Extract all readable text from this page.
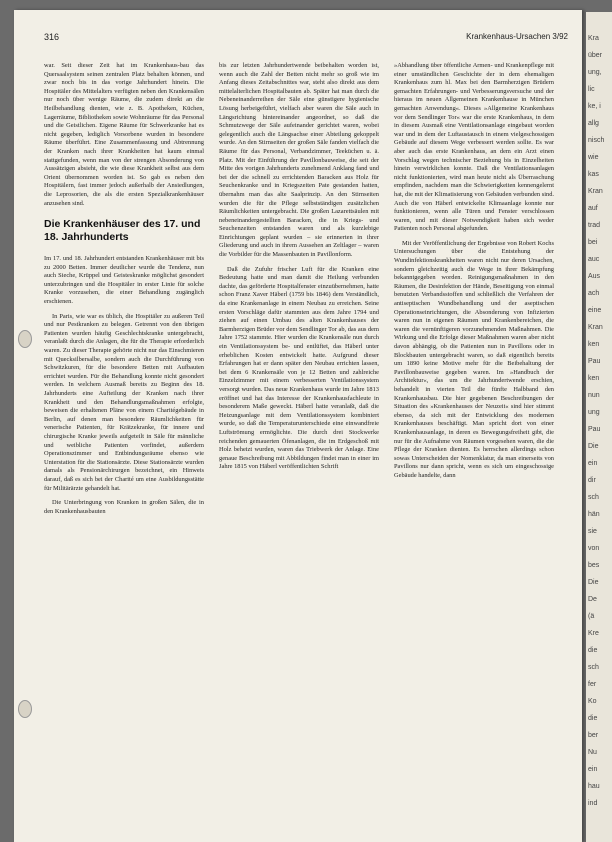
316	Krankenhaus-Ursachen 3/92

war. Seit dieser Zeit hat im Krankenhaus-bau das Quersaalsystem seinen zentralen Platz behalten können, und zwar noch bis in das vorige Jahrhundert hinein. Die Hospitäler des Mittelalters verfügten neben den Krankensälen nur noch über wenige Räume, die zudem direkt an die Heilbehandlung dienten, wie z. B. Apotheken, Küchen, Lagerräume, Bibliotheken sowie Wohnräume für das Personal und die Geistlichen. Eigene Räume für Schwerkranke hat es nicht gegeben, lediglich Vorsorbene wurden in besondere Räume überführt. Eine Zusammenfassung und Abtrennung der Kranken nach ihrer Krankheiten hat kaum einmal stattgefunden, wenn man von der strengen Absonderung von Aussätzigen absieht, die wie diese Krankheit selbst aus dem Orient übernommen worden ist. So gab es neben den Hospitälern, fast immer jedoch außerhalb der Ansiedlungen, die Leprosorien, die als die ersten Spezialkrankenhäuser anzusehen sind.

Die Krankenhäuser des 17. und 18. Jahrhunderts

Im 17. und 18. Jahrhundert entstanden Krankenhäuser mit bis zu 2000 Betten. Immer deutlicher wurde die Tendenz, nun auch Sieche, Krüppel und Geisteskranke möglichst gesondert unterzubringen und die Hospitäler in erster Linie für solche Kranke vorzusehen, die einer Behandlung zugänglich erschienen.

In Paris, wie war es üblich, die Hospitäler zu außeren Teil und nur Pestkranken zu belegen. Getrennt von den übrigen Patienten wurden häufig Geschlechtskranke untergebracht, veranlaßt durch die Anlagen, die für die Therapie erforderlich waren. Zu dieser Therapie gehörte nicht nur das Einschmieren mit Quecksilbersalbe, sondern auch die Durchführung von Schwitzkuren, für die besondere Betten mit Aufbauten errichtet wurden. Für die Behandlung konnte nicht gesondert werden. In welchem Ausmaß bereits zu Beginn des 18. Jahrhunderts eine Aufteilung der Kranken nach ihrer Krankheit und den Behandlungsmaßnahmen erfolgte, beweisen die erhaltenen Pläne von einem Charitégebäude in Berlin, auf denen man besondere Räumlichkeiten für venerische Patienten, für Krätzekranke, für innere und chirurgische Kranke jeweils aufgeteilt in Säle für männliche und weibliche Patienten vorfindet, außerdem Operationszimmer und Entbindungsräume ebenso wie Unterstation für die Stationsärzte. Diese Stationsärzte wurden damals als Pensionärchirurgen bezeichnet, ein Hinweis darauf, daß es sich bei der Charité um eine Ausbildungsstätte für Militärärzte gehandelt hat.

Die Unterbringung von Kranken in großen Sälen, die in den Krankenhausbauten

bis zur letzten Jahrhundertwende beibehalten worden ist, wenn auch die Zahl der Betten nicht mehr so groß wie im Anfang dieses Zeitabschnittes war, steht also direkt aus dem mittelalterlichen Hospitalbauten ab. Später hat man durch die Nebeneinanderreihen der Säle eine günstigere hygienische Lösung herbeigeführt, vielfach aber waren die Säle auch in Längsrichtung hintereinander angeordnet, so daß die Schmutzwege der Säle aufeinander gerichtet waren, wobei gelegentlich auch die Längsachse einer Abteilung gekoppelt wurde. An den Stirnseiten der großen Säle fanden vielfach die Räume für das Personal, Verbandzimmer, Teeküchen u. ä. Platz. Mit der Einführung der Pavillonbauweise, die seit der Mitte des vorigen Jahrhunderts zunehmend Anklang fand und bei der die schnell zu errichtenden Baracken aus Holz für Seuchenkranke und in Kriegszeiten Pate gestanden hatten, übernahm man das alte Saalprinzip. An den Stirnseiten wurden die für die Pflege selbstständigen zusätzlichen Räumlichkeiten untergebracht. Die großen Lazarettsäulen mit nebeneinandergestellten Baracken, die in Kriegs- und Seuchenzeiten entstanden waren und als kurzlebige Einrichtungen geplant wurden – sie erinnerten in ihrer Gliederung und auch in ihrem Aussehen an Zeltlager – waren die Vorbilder für die Massenbauten in Pavillonform.

Daß die Zufuhr frischer Luft für die Kranken eine Bedeutung hatte und man damit die Heilung verbunden dachte, das geförderte Hospitalfenster einzuübernehmen, hatte schon Franz Xaver Häberl (1759 bis 1846) dem Verständlich, da eine Krankenanlage in einem Neubau zu erreichen. Seine ersten Vorschläge dafür stammten aus dem Jahre 1794 und ziehen auf einen Umbau des alten Krankenhauses der Barmherzigen Brüder vor dem Sendlinger Tor ab, das aus dem Jahre 1752 stammte. Hier wurden die Krankensäle nun durch ein Ventilationssystem be- und entlüftet, das Häberl unter erheblichen Kosten entwickelt hatte. Aufgrund dieser Erfahrungen hat er dann später den Neubau errichten lassen, bei dem 6 Krankensäle von je 12 Betten und zahlreiche Einzelzimmer mit einem verbesserten Ventilationssystem versorgt wurden. Das neue Krankenhaus wurde im Jahre 1813 eröffnet und hat das Interesse der Krankenhausfachleute in besonderem Maße geweckt. Häberl hatte veranlaßt, daß die Heizungsanlage mit dem Ventilationssystem kombiniert wurde, so daß die Temperaturunterschiede eine einwandfreie Luftströmung ermöglichte. Die durch drei Stockwerke reichenden gemauerten Öfenanlagen, die im Erdgeschoß mit Holz beheizt wurden, waren das Triebwerk der Anlage. Eine genaue Beschreibung mit Abbildungen findet man in einer im Jahre 1815 von Häberl veröffentlichten Schrift

»Abhandlung über öffentliche Armen- und Krankenpflege mit einer umständlichen Geschichte der in dem ehemaligen Krankenhaus zum hl. Max bei den Barmherzigen Brüdern gemachten Erfahrungen- und Verbesserungsversuche und der hieraus im neuen Allgemeinen Krankenhause in München gemachten Anwendung«. Dieses »Allgemeine Krankenhaus vor dem Sendlinger Tor« war die erste Krankenhaus, in dem in diesem Ausmaß eine Ventilationsanlage eingebaut worden war und in dem der Luftaustausch in einem vielgeschossigen Gebäude auf diesem Wege verbessert werden sollte. Es war aber auch das erste Krankenhaus, an dem ein Arzt einen Vorschlag wegen technischer Beziehung bis in Einzelheiten hinein verwirklichen konnte. Daß die Ventilationsanlagen nicht funktionierten, wird man heute nicht als Überraschung empfinden, nachdem man die Schwierigkeiten kennengelernt hat, die mit der Klimatisierung von Gebäuden verbunden sind. Auch die von Häberl entwickelte Klimaanlage konnte nur funktionieren, wenn alle Türen und Fenster verschlossen waren, und mit dieser Notwendigkeit haben sich weder Patienten noch Personal abgefunden.

Mit der Veröffentlichung der Ergebnisse von Robert Kochs Untersuchungen über die Entstehung der Wundinfektionskrankheiten waren nicht nur deren Ursachen, sondern gleichzeitig auch die Wege in ihrer Bekämpfung bekanntgegeben worden. Reinigungsmaßnahmen in den Räumen, die Desinfektion der Hände, Beseitigung von einmal benutzten Verbandsstoffen und schließlich die Verfahren der antiseptischen Wundbehandlung und der aseptischen Operationseinrichtungen, die Absonderung von Infizierten waren nun in eigenen Räumen und Krankenbereichen, die waren die vernünftigeren vorzunehmenden Maßnahmen. Die Wirkung und die Erfolge dieser Maßnahmen waren aber nicht davon abhängig, ob die Patienten nun in Pavillons oder in Blockbauten untergebracht waren, so daß eigentlich bereits um 1890 keine Motive mehr für die Beibehaltung der Pavillonbauweise gegeben waren. Im »Handbuch der Architektur«, das um die Jahrhundertwende erschien, behandelt in vierten Teil die fünfte Halbband den Krankenhausbau. Die hier gegebenen Beschreibungen der Situation des »Krankenhauses der Neuzeit« sind hier stimmt ebenso, da sich mit der Entwicklung des modernen Krankenhauses beschäftigt. Man spricht dort von einer Krankenhausanlage, in deren es Bewegungsfreiheit gibt, die nur für die Aufnahme von Räumen vorgesehen waren, die die Pflege der Kranken dienten. Es herrschen allerdings schon sowas Unterscheiden der Nomenklatur, da man einerseits von Pavillons nur dann spricht, wenn es sich um eingeschossige Gebäude handelte, dann

Kra
über
ung,
lic
ke, i
allg
nisch
wie
kas
Kran
auf
trad
bei
auc
Aus
ach
eine
Kran
ken
Pau
ken
nun
ung
Pau
Die
ein
dir
sch
hän
sie
von
bes
Die
De
(ä
Kre
die
sch
fer
Ko
die
ber
Nu
ein
hau
ind
